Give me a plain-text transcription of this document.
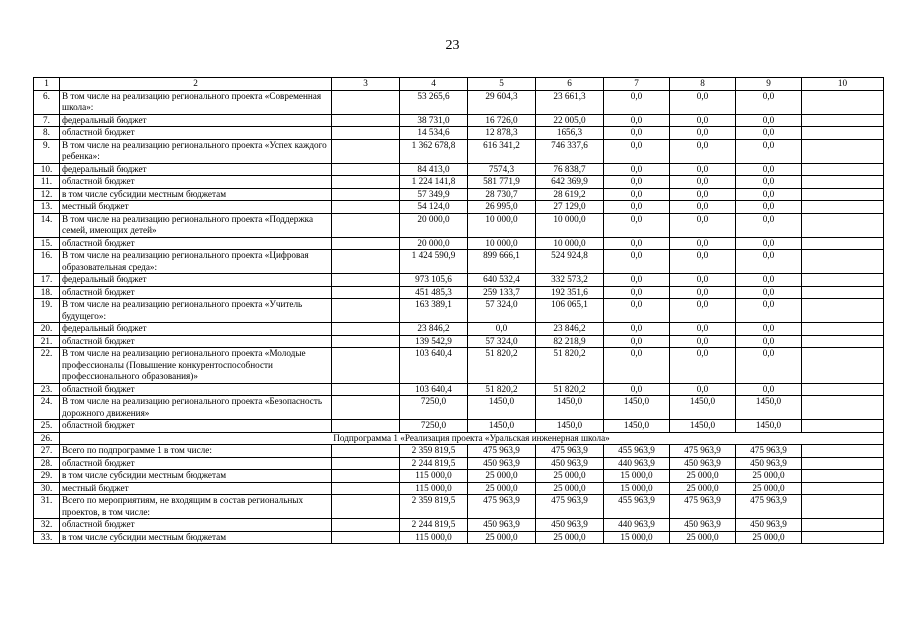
23
1	2	3	4	5	6	7	8	9	10
6.	В том числе на реализацию регионального проекта «Современная школа»:		53 265,6	29 604,3	23 661,3	0,0	0,0	0,0	
7.	федеральный бюджет		38 731,0	16 726,0	22 005,0	0,0	0,0	0,0	
8.	областной бюджет		14 534,6	12 878,3	1656,3	0,0	0,0	0,0	
9.	В том числе на реализацию регионального проекта «Успех каждого ребенка»:		1 362 678,8	616 341,2	746 337,6	0,0	0,0	0,0	
10.	федеральный бюджет		84 413,0	7574,3	76 838,7	0,0	0,0	0,0	
11.	областной бюджет		1 224 141,8	581 771,9	642 369,9	0,0	0,0	0,0	
12.	в том числе субсидии местным бюджетам		57 349,9	28 730,7	28 619,2	0,0	0,0	0,0	
13.	местный бюджет		54 124,0	26 995,0	27 129,0	0,0	0,0	0,0	
14.	В том числе на реализацию регионального проекта «Поддержка семей, имеющих детей»		20 000,0	10 000,0	10 000,0	0,0	0,0	0,0	
15.	областной бюджет		20 000,0	10 000,0	10 000,0	0,0	0,0	0,0	
16.	В том числе на реализацию регионального проекта «Цифровая образовательная среда»:		1 424 590,9	899 666,1	524 924,8	0,0	0,0	0,0	
17.	федеральный бюджет		973 105,6	640 532,4	332 573,2	0,0	0,0	0,0	
18.	областной бюджет		451 485,3	259 133,7	192 351,6	0,0	0,0	0,0	
19.	В том числе на реализацию регионального проекта «Учитель будущего»:		163 389,1	57 324,0	106 065,1	0,0	0,0	0,0	
20.	федеральный бюджет		23 846,2	0,0	23 846,2	0,0	0,0	0,0	
21.	областной бюджет		139 542,9	57 324,0	82 218,9	0,0	0,0	0,0	
22.	В том числе на реализацию регионального проекта «Молодые профессионалы (Повышение конкурентоспособности профессионального образования)»		103 640,4	51 820,2	51 820,2	0,0	0,0	0,0	
23.	областной бюджет		103 640,4	51 820,2	51 820,2	0,0	0,0	0,0	
24.	В том числе на реализацию регионального проекта «Безопасность дорожного движения»		7250,0	1450,0	1450,0	1450,0	1450,0	1450,0	
25.	областной бюджет		7250,0	1450,0	1450,0	1450,0	1450,0	1450,0	
26.	Подпрограмма 1 «Реализация проекта «Уральская инженерная школа»								
27.	Всего по подпрограмме 1 в том числе:		2 359 819,5	475 963,9	475 963,9	455 963,9	475 963,9	475 963,9	
28.	областной бюджет		2 244 819,5	450 963,9	450 963,9	440 963,9	450 963,9	450 963,9	
29.	в том числе субсидии местным бюджетам		115 000,0	25 000,0	25 000,0	15 000,0	25 000,0	25 000,0	
30.	местный бюджет		115 000,0	25 000,0	25 000,0	15 000,0	25 000,0	25 000,0	
31.	Всего по мероприятиям, не входящим в состав региональных проектов, в том числе:		2 359 819,5	475 963,9	475 963,9	455 963,9	475 963,9	475 963,9	
32.	областной бюджет		2 244 819,5	450 963,9	450 963,9	440 963,9	450 963,9	450 963,9	
33.	в том числе субсидии местным бюджетам		115 000,0	25 000,0	25 000,0	15 000,0	25 000,0	25 000,0	
